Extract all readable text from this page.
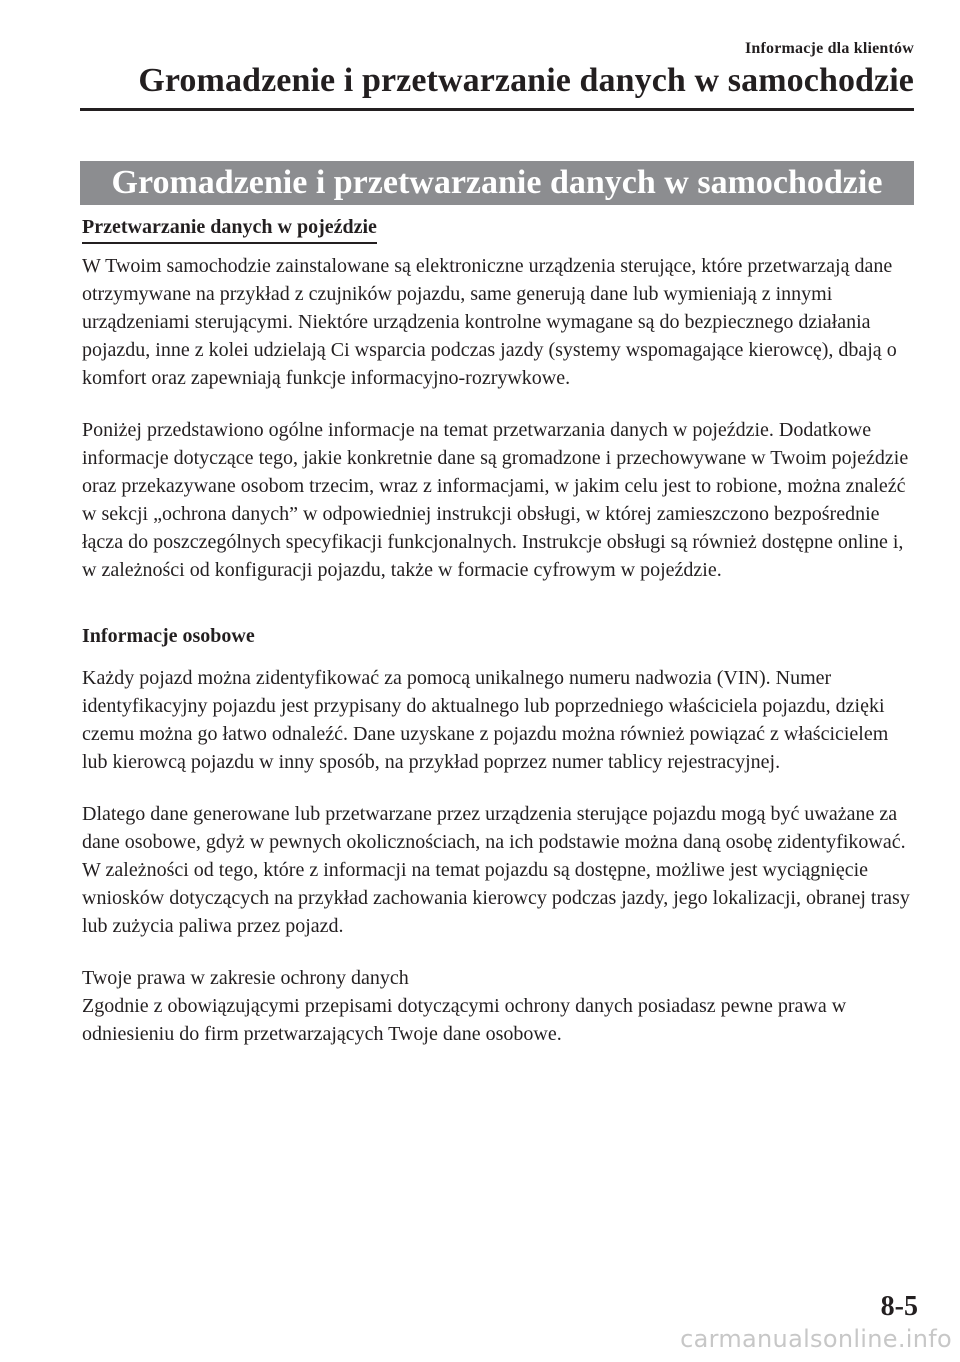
Informacje dla klientów
Gromadzenie i przetwarzanie danych w samochodzie
Gromadzenie i przetwarzanie danych w samochodzie
Przetwarzanie danych w pojeździe

W Twoim samochodzie zainstalowane są elektroniczne urządzenia sterujące, które przetwarzają dane otrzymywane na przykład z czujników pojazdu, same generują dane lub wymieniają z innymi urządzeniami sterującymi. Niektóre urządzenia kontrolne wymagane są do bezpiecznego działania pojazdu, inne z kolei udzielają Ci wsparcia podczas jazdy (systemy wspomagające kierowcę), dbają o komfort oraz zapewniają funkcje informacyjno-rozrywkowe.

Poniżej przedstawiono ogólne informacje na temat przetwarzania danych w pojeździe. Dodatkowe informacje dotyczące tego, jakie konkretnie dane są gromadzone i przechowywane w Twoim pojeździe oraz przekazywane osobom trzecim, wraz z informacjami, w jakim celu jest to robione, można znaleźć w sekcji „ochrona danych” w odpowiedniej instrukcji obsługi, w której zamieszczono bezpośrednie łącza do poszczególnych specyfikacji funkcjonalnych. Instrukcje obsługi są również dostępne online i, w zależności od konfiguracji pojazdu, także w formacie cyfrowym w pojeździe.

Informacje osobowe

Każdy pojazd można zidentyfikować za pomocą unikalnego numeru nadwozia (VIN). Numer identyfikacyjny pojazdu jest przypisany do aktualnego lub poprzedniego właściciela pojazdu, dzięki czemu można go łatwo odnaleźć. Dane uzyskane z pojazdu można również powiązać z właścicielem lub kierowcą pojazdu w inny sposób, na przykład poprzez numer tablicy rejestracyjnej.

Dlatego dane generowane lub przetwarzane przez urządzenia sterujące pojazdu mogą być uważane za dane osobowe, gdyż w pewnych okolicznościach, na ich podstawie można daną osobę zidentyfikować. W zależności od tego, które z informacji na temat pojazdu są dostępne, możliwe jest wyciągnięcie wniosków dotyczących na przykład zachowania kierowcy podczas jazdy, jego lokalizacji, obranej trasy lub zużycia paliwa przez pojazd.

Twoje prawa w zakresie ochrony danych

Zgodnie z obowiązującymi przepisami dotyczącymi ochrony danych posiadasz pewne prawa w odniesieniu do firm przetwarzających Twoje dane osobowe.

8-5
carmanualsonline.info
